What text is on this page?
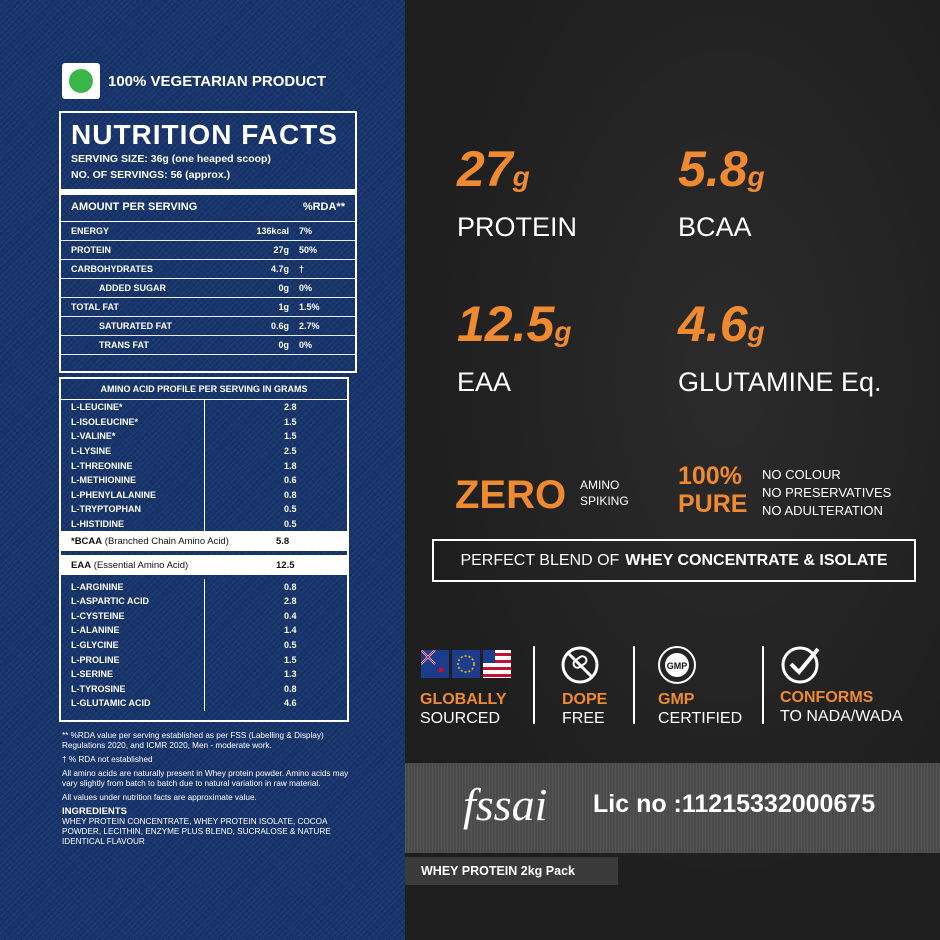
100% VEGETARIAN PRODUCT
NUTRITION FACTS
SERVING SIZE: 36g (one heaped scoop)
NO. OF SERVINGS: 56 (approx.)
AMOUNT PER SERVING	%RDA**
ENERGY	136kcal	7%
PROTEIN	27g	50%
CARBOHYDRATES	4.7g	†
ADDED SUGAR	0g	0%
TOTAL FAT	1g	1.5%
SATURATED FAT	0.6g	2.7%
TRANS FAT	0g	0%
AMINO ACID PROFILE PER SERVING IN GRAMS
L-LEUCINE*	2.8
L-ISOLEUCINE*	1.5
L-VALINE*	1.5
L-LYSINE	2.5
L-THREONINE	1.8
L-METHIONINE	0.6
L-PHENYLALANINE	0.8
L-TRYPTOPHAN	0.5
L-HISTIDINE	0.5
*BCAA (Branched Chain Amino Acid)	5.8
EAA (Essential Amino Acid)	12.5
L-ARGININE	0.8
L-ASPARTIC ACID	2.8
L-CYSTEINE	0.4
L-ALANINE	1.4
L-GLYCINE	0.5
L-PROLINE	1.5
L-SERINE	1.3
L-TYROSINE	0.8
L-GLUTAMIC ACID	4.6

** %RDA value per serving established as per FSS (Labelling & Display) Regulations 2020, and ICMR 2020, Men - moderate work.

† % RDA not established

All amino acids are naturally present in Whey protein powder. Amino acids may vary slightly from batch to batch due to natural variation in raw material.

All values under nutrition facts are approximate value.

INGREDIENTS

WHEY PROTEIN CONCENTRATE, WHEY PROTEIN ISOLATE, COCOA POWDER, LECITHIN, ENZYME PLUS BLEND, SUCRALOSE & NATURE IDENTICAL FLAVOUR

27g
PROTEIN
5.8g
BCAA
12.5g
EAA
4.6g
GLUTAMINE Eq.
ZERO AMINO
SPIKING
100%
PURE
NO COLOUR
NO PRESERVATIVES
NO ADULTERATION
PERFECT BLEND OF WHEY CONCENTRATE & ISOLATE
GLOBALLY
SOURCED
DOPE
FREE
GMP
GMP
CERTIFIED
CONFORMS
TO NADA/WADA
fssai Lic no :11215332000675
WHEY PROTEIN 2kg Pack
